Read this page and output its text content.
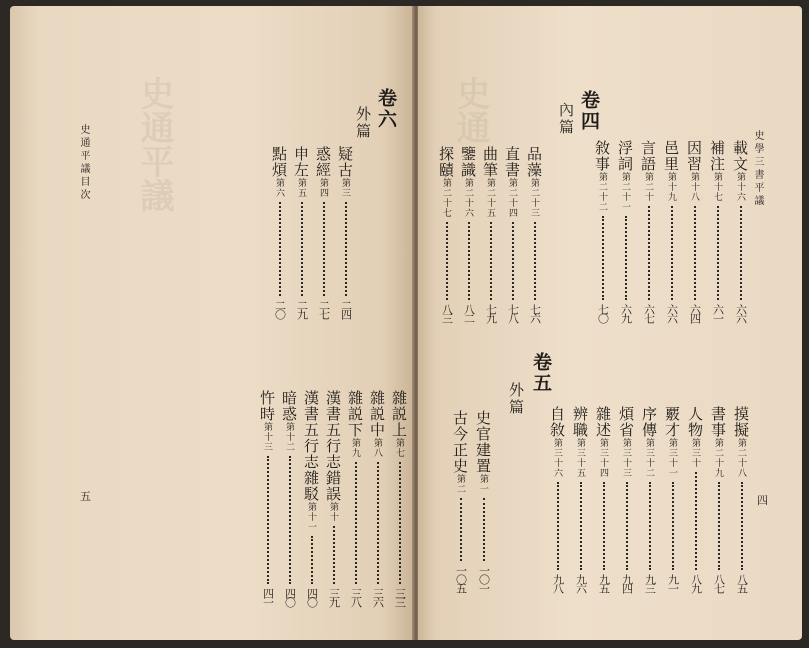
史通平議
史通平議目次
五
卷六
外篇
疑古
第三
二四
惑經
第四
二七
申左
第五
二九
點煩
第六
二〇
雜説上
第七
三三
雜説中
第八
三六
雜説下
第九
三八
漢書五行志錯誤
第十
三九
漢書五行志雜駁
第十一
四〇
暗惑
第十二
四〇
忤時
第十三
四一
史通
史學三書平議
四
卷四
內篇
卷五
外篇
載文
第十六
六六
補注
第十七
六一
因習
第十八
六四
邑里
第十九
六六
言語
第二十
六七
浮詞
第二十一
六九
敘事
第二十二
七〇
品藻
第二十三
七六
直書
第二十四
七八
曲筆
第二十五
七九
鑒識
第二十六
八二
探賾
第二十七
八三
摸擬
第二十八
八五
書事
第二十九
八七
人物
第三十
八九
覈才
第三十一
九一
序傳
第三十二
九三
煩省
第三十三
九四
雜述
第三十四
九五
辨職
第三十五
九六
自敘
第三十六
九八
史官建置
第一
一〇一
古今正史
第二
一〇五
